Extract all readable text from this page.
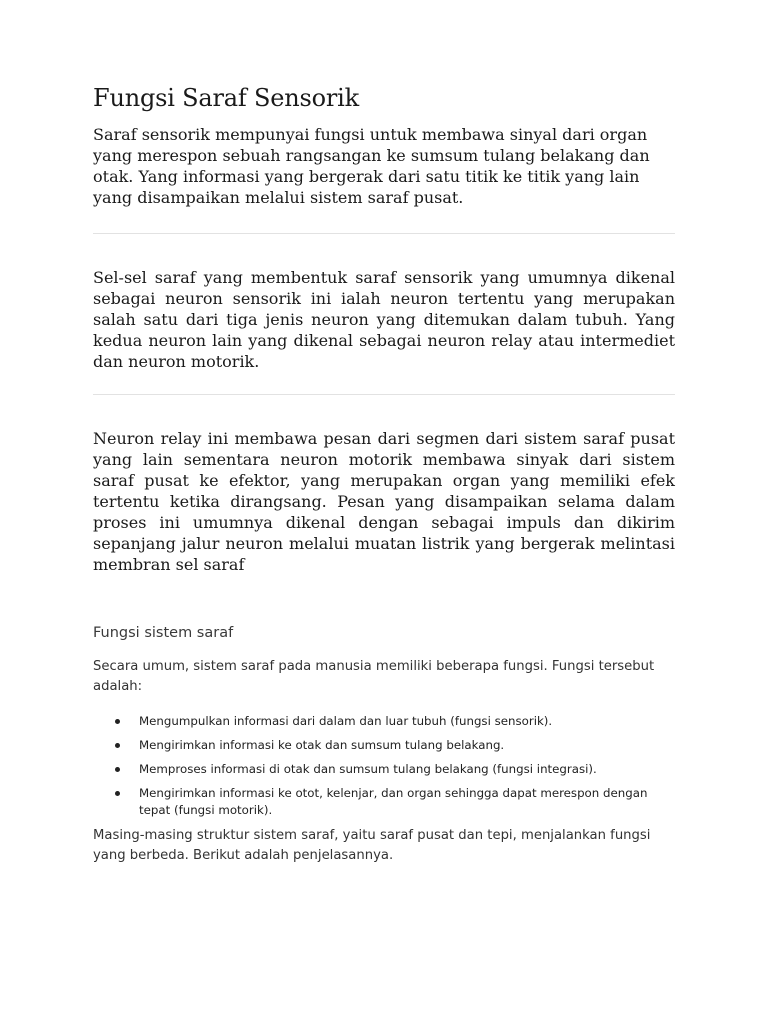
Fungsi Saraf Sensorik

Saraf sensorik mempunyai fungsi untuk membawa sinyal dari organ yang merespon sebuah rangsangan ke sumsum tulang belakang dan otak. Yang informasi yang bergerak dari satu titik ke titik yang lain yang disampaikan melalui sistem saraf pusat.

Sel-sel saraf yang membentuk saraf sensorik yang umumnya dikenal sebagai neuron sensorik ini ialah neuron tertentu yang merupakan salah satu dari tiga jenis neuron yang ditemukan dalam tubuh. Yang kedua neuron lain yang dikenal sebagai neuron relay atau intermediet dan neuron motorik.

Neuron relay ini membawa pesan dari segmen dari sistem saraf pusat yang lain sementara neuron motorik membawa sinyak dari sistem saraf pusat ke efektor, yang merupakan organ yang memiliki efek tertentu ketika dirangsang. Pesan yang disampaikan selama dalam proses ini umumnya dikenal dengan sebagai impuls dan dikirim sepanjang jalur neuron melalui muatan listrik yang bergerak melintasi membran sel saraf

Fungsi sistem saraf

Secara umum, sistem saraf pada manusia memiliki beberapa fungsi. Fungsi tersebut adalah:

Mengumpulkan informasi dari dalam dan luar tubuh (fungsi sensorik).
Mengirimkan informasi ke otak dan sumsum tulang belakang.
Memproses informasi di otak dan sumsum tulang belakang (fungsi integrasi).
Mengirimkan informasi ke otot, kelenjar, dan organ sehingga dapat merespon dengan tepat (fungsi motorik).

Masing-masing struktur sistem saraf, yaitu saraf pusat dan tepi, menjalankan fungsi yang berbeda. Berikut adalah penjelasannya.
